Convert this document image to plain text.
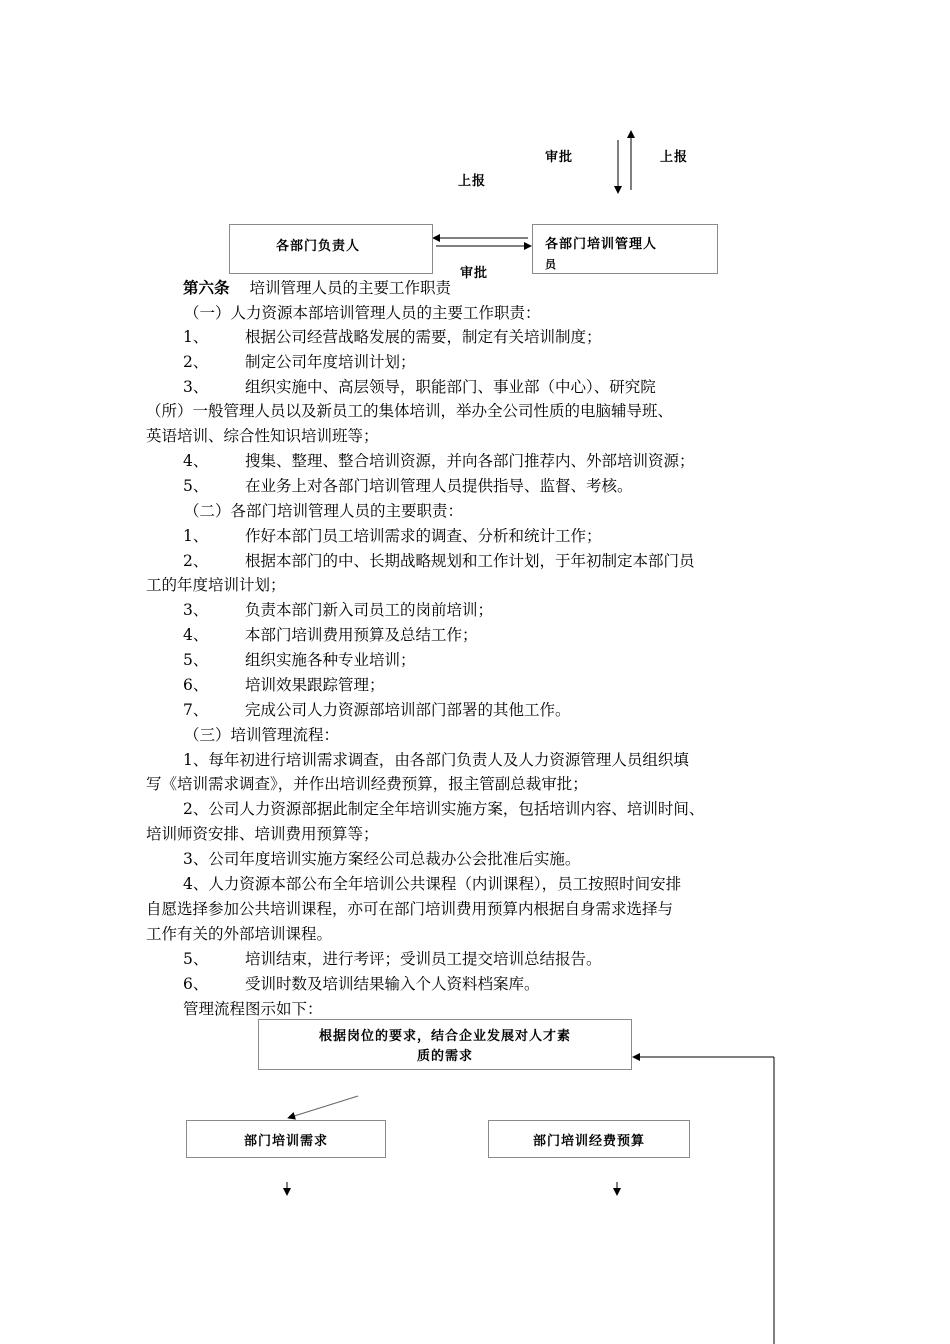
审批	上报
上报
各部门负责人	各部门培训管理人
员
审批
第六条 培训管理人员的主要工作职责
（一）人力资源本部培训管理人员的主要工作职责：
1、 根据公司经营战略发展的需要，制定有关培训制度；
2、 制定公司年度培训计划；
3、 组织实施中、高层领导，职能部门、事业部（中心）、研究院
（所）一般管理人员以及新员工的集体培训，举办全公司性质的电脑辅导班、
英语培训、综合性知识培训班等；
4、 搜集、整理、整合培训资源，并向各部门推荐内、外部培训资源；
5、 在业务上对各部门培训管理人员提供指导、监督、考核。
（二）各部门培训管理人员的主要职责：
1、 作好本部门员工培训需求的调查、分析和统计工作；
2、 根据本部门的中、长期战略规划和工作计划，于年初制定本部门员
工的年度培训计划；
3、 负责本部门新入司员工的岗前培训；
4、 本部门培训费用预算及总结工作；
5、 组织实施各种专业培训；
6、 培训效果跟踪管理；
7、 完成公司人力资源部培训部门部署的其他工作。
（三）培训管理流程：
1、每年初进行培训需求调查，由各部门负责人及人力资源管理人员组织填
写《培训需求调查》，并作出培训经费预算，报主管副总裁审批；
2、公司人力资源部据此制定全年培训实施方案，包括培训内容、培训时间、
培训师资安排、培训费用预算等；
3、公司年度培训实施方案经公司总裁办公会批准后实施。
4、人力资源本部公布全年培训公共课程（内训课程），员工按照时间安排
自愿选择参加公共培训课程，亦可在部门培训费用预算内根据自身需求选择与
工作有关的外部培训课程。
5、 培训结束，进行考评；受训员工提交培训总结报告。
6、 受训时数及培训结果输入个人资料档案库。
管理流程图示如下：
根据岗位的要求，结合企业发展对人才素
质的需求
部门培训需求	部门培训经费预算
